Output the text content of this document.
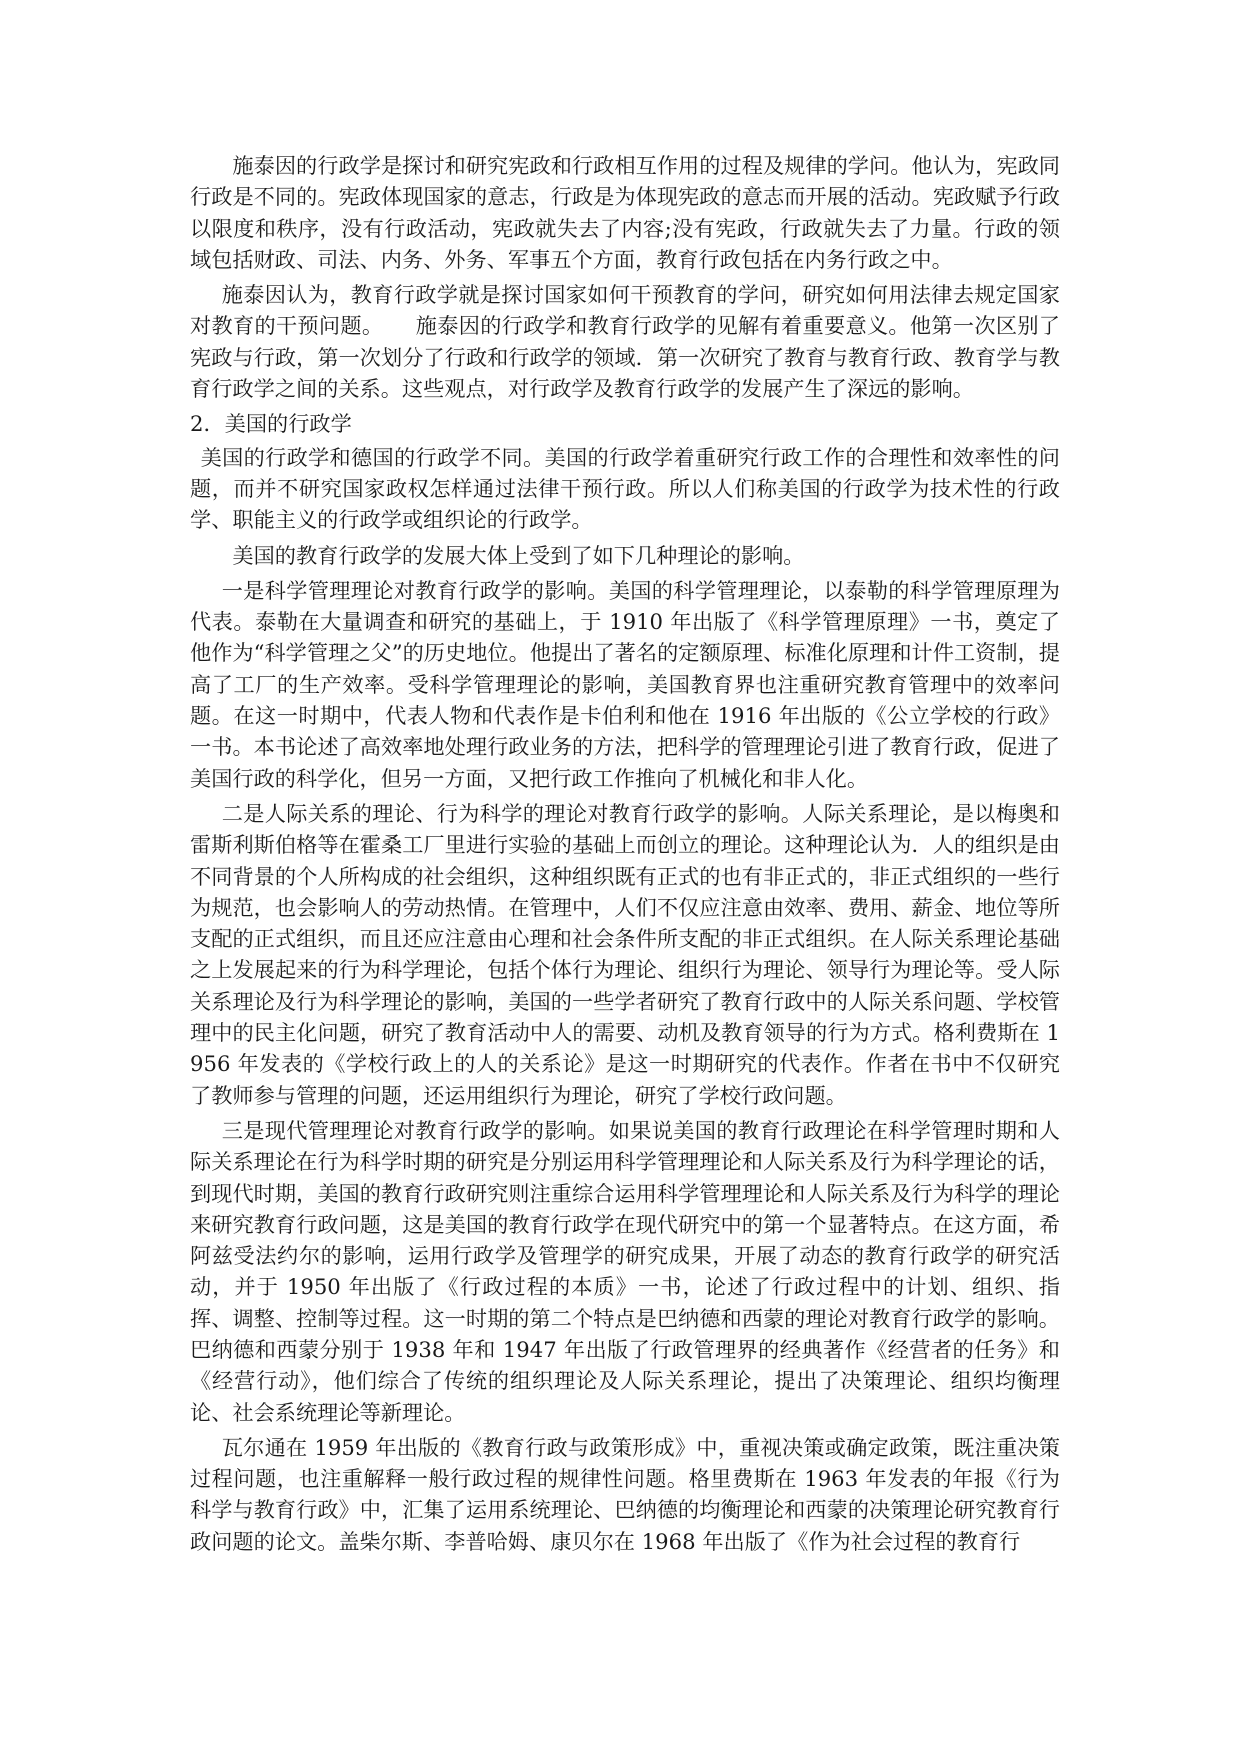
施泰因的行政学是探讨和研究宪政和行政相互作用的过程及规律的学问。他认为，宪政同行政是不同的。宪政体现国家的意志，行政是为体现宪政的意志而开展的活动。宪政赋予行政以限度和秩序，没有行政活动，宪政就失去了内容;没有宪政，行政就失去了力量。行政的领域包括财政、司法、内务、外务、军事五个方面，教育行政包括在内务行政之中。

施泰因认为，教育行政学就是探讨国家如何干预教育的学问，研究如何用法律去规定国家对教育的干预问题。　　施泰因的行政学和教育行政学的见解有着重要意义。他第一次区别了宪政与行政，第一次划分了行政和行政学的领域．第一次研究了教育与教育行政、教育学与教育行政学之间的关系。这些观点，对行政学及教育行政学的发展产生了深远的影响。

2．美国的行政学

美国的行政学和德国的行政学不同。美国的行政学着重研究行政工作的合理性和效率性的问题，而并不研究国家政权怎样通过法律干预行政。所以人们称美国的行政学为技术性的行政学、职能主义的行政学或组织论的行政学。

美国的教育行政学的发展大体上受到了如下几种理论的影响。

一是科学管理理论对教育行政学的影响。美国的科学管理理论，以泰勒的科学管理原理为代表。泰勒在大量调查和研究的基础上，于 1910 年出版了《科学管理原理》一书，奠定了他作为“科学管理之父”的历史地位。他提出了著名的定额原理、标准化原理和计件工资制，提高了工厂的生产效率。受科学管理理论的影响，美国教育界也注重研究教育管理中的效率问题。在这一时期中，代表人物和代表作是卡伯利和他在 1916 年出版的《公立学校的行政》一书。本书论述了高效率地处理行政业务的方法，把科学的管理理论引进了教育行政，促进了美国行政的科学化，但另一方面，又把行政工作推向了机械化和非人化。

二是人际关系的理论、行为科学的理论对教育行政学的影响。人际关系理论，是以梅奥和雷斯利斯伯格等在霍桑工厂里进行实验的基础上而创立的理论。这种理论认为．人的组织是由不同背景的个人所构成的社会组织，这种组织既有正式的也有非正式的，非正式组织的一些行为规范，也会影响人的劳动热情。在管理中，人们不仅应注意由效率、费用、薪金、地位等所支配的正式组织，而且还应注意由心理和社会条件所支配的非正式组织。在人际关系理论基础之上发展起来的行为科学理论，包括个体行为理论、组织行为理论、领导行为理论等。受人际关系理论及行为科学理论的影响，美国的一些学者研究了教育行政中的人际关系问题、学校管理中的民主化问题，研究了教育活动中人的需要、动机及教育领导的行为方式。格利费斯在 1956 年发表的《学校行政上的人的关系论》是这一时期研究的代表作。作者在书中不仅研究了教师参与管理的问题，还运用组织行为理论，研究了学校行政问题。

三是现代管理理论对教育行政学的影响。如果说美国的教育行政理论在科学管理时期和人际关系理论在行为科学时期的研究是分别运用科学管理理论和人际关系及行为科学理论的话，到现代时期，美国的教育行政研究则注重综合运用科学管理理论和人际关系及行为科学的理论来研究教育行政问题，这是美国的教育行政学在现代研究中的第一个显著特点。在这方面，希阿兹受法约尔的影响，运用行政学及管理学的研究成果，开展了动态的教育行政学的研究活动，并于 1950 年出版了《行政过程的本质》一书，论述了行政过程中的计划、组织、指挥、调整、控制等过程。这一时期的第二个特点是巴纳德和西蒙的理论对教育行政学的影响。巴纳德和西蒙分别于 1938 年和 1947 年出版了行政管理界的经典著作《经营者的任务》和《经营行动》，他们综合了传统的组织理论及人际关系理论，提出了决策理论、组织均衡理论、社会系统理论等新理论。

瓦尔通在 1959 年出版的《教育行政与政策形成》中，重视决策或确定政策，既注重决策过程问题，也注重解释一般行政过程的规律性问题。格里费斯在 1963 年发表的年报《行为科学与教育行政》中，汇集了运用系统理论、巴纳德的均衡理论和西蒙的决策理论研究教育行政问题的论文。盖柴尔斯、李普哈姆、康贝尔在 1968 年出版了《作为社会过程的教育行
